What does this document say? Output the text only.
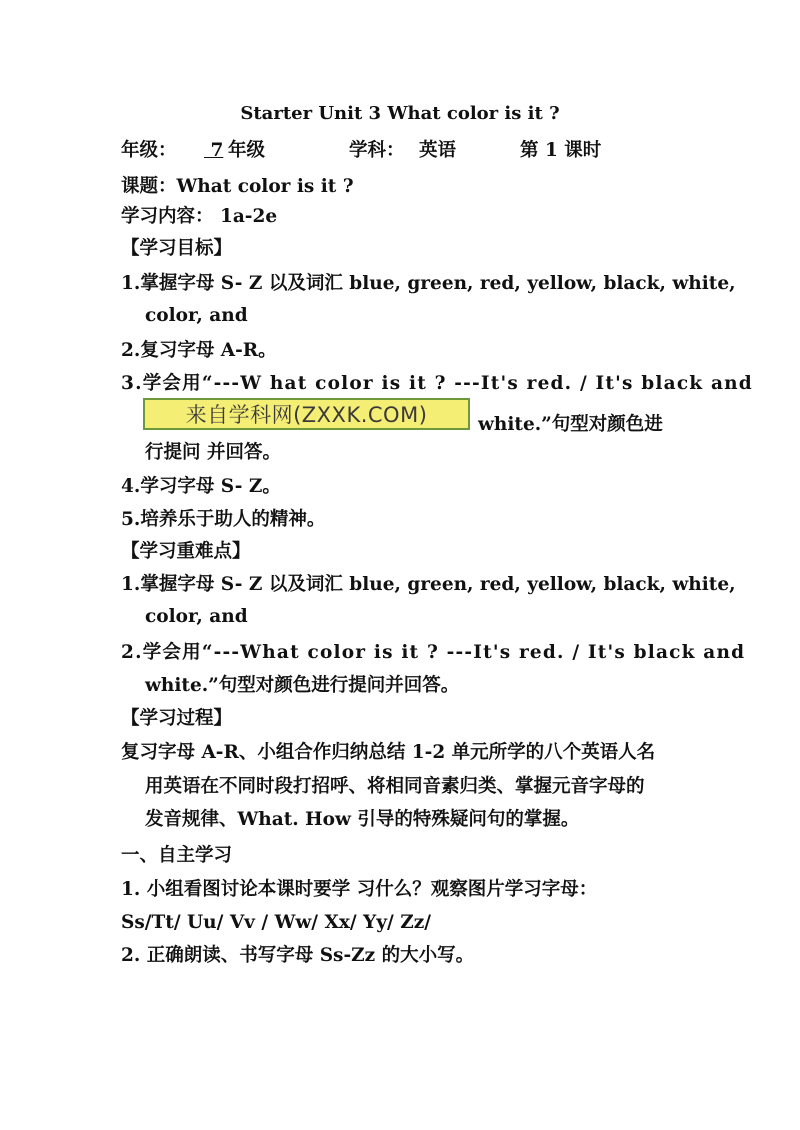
Starter Unit 3 What color is it ?
年级：	7 年级	学科： 英语	第 1 课时
课题：What color is it ?
学习内容： 1a-2e
【学习目标】
1.掌握字母 S- Z 以及词汇 blue, green, red, yellow, black, white,
color, and
2.复习字母 A-R。
3.学会用“---W hat color is it ? ---It's red. / It's black and
来自学科网(ZXXK.COM)	white.”句型对颜色进
行提问 并回答。
4.学习字母 S- Z。
5.培养乐于助人的精神。
【学习重难点】
1.掌握字母 S- Z 以及词汇 blue, green, red, yellow, black, white,
color, and
2.学会用“---What color is it ? ---It's red. / It's black and
white.”句型对颜色进行提问并回答。
【学习过程】
复习字母 A-R、小组合作归纳总结 1-2 单元所学的八个英语人名
用英语在不同时段打招呼、将相同音素归类、掌握元音字母的
发音规律、What. How 引导的特殊疑问句的掌握。
一、自主学习
1. 小组看图讨论本课时要学 习什么？观察图片学习字母：
Ss/Tt/ Uu/ Vv / Ww/ Xx/ Yy/ Zz/
2. 正确朗读、书写字母 Ss-Zz 的大小写。
